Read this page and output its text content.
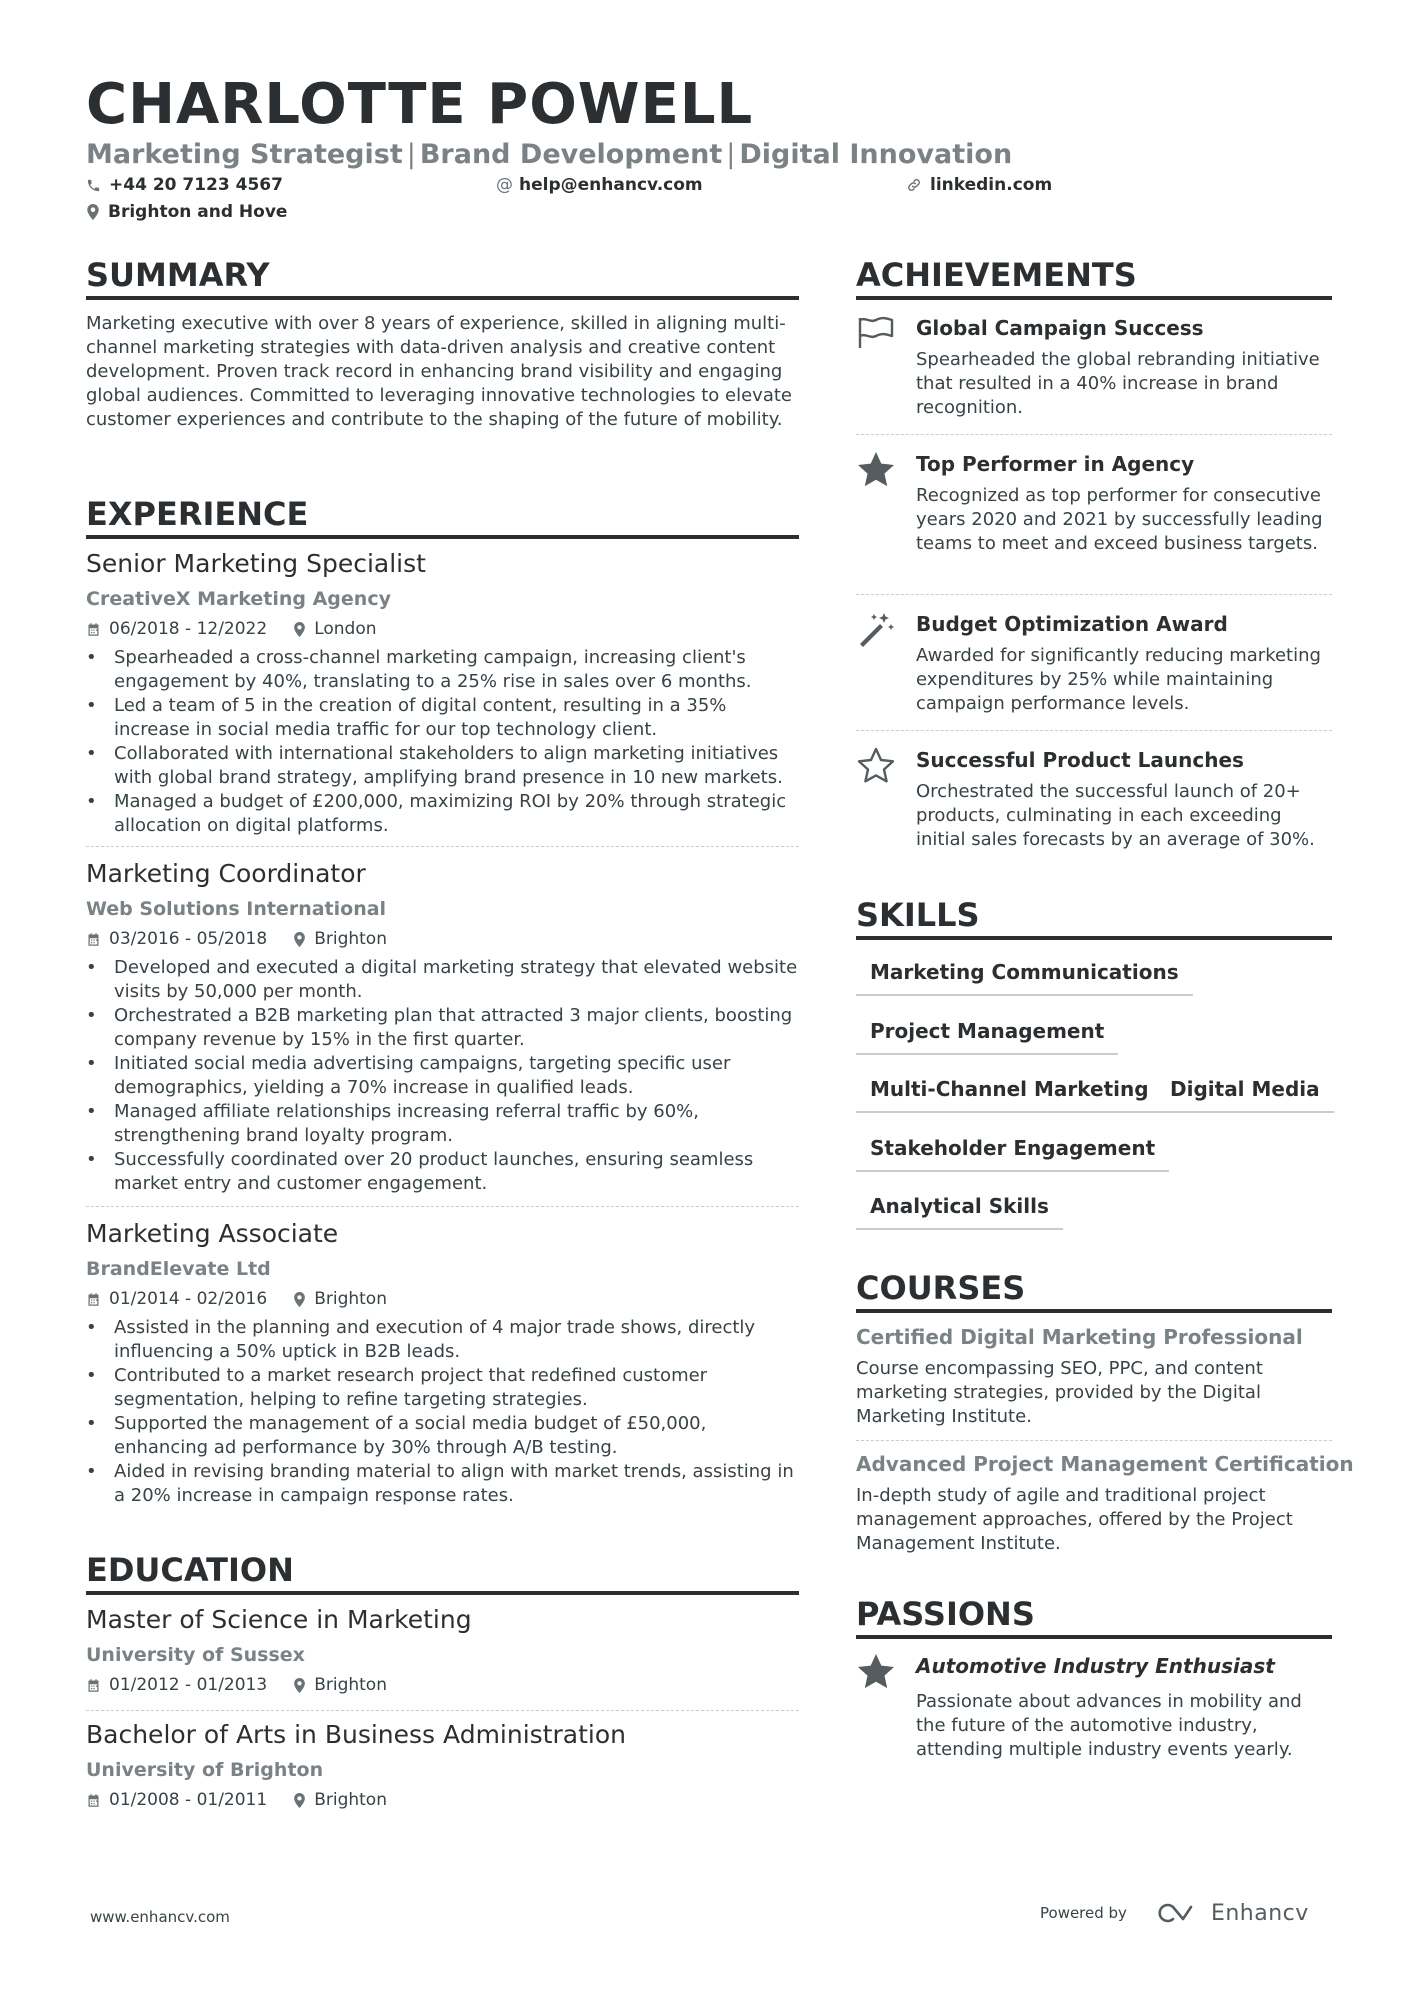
CHARLOTTE POWELL
Marketing Strategist | Brand Development | Digital Innovation
+44 20 7123 4567	@ help@enhancv.com	linkedin.com
Brighton and Hove
SUMMARY
Marketing executive with over 8 years of experience, skilled in aligning multi-channel marketing strategies with data-driven analysis and creative content development. Proven track record in enhancing brand visibility and engaging global audiences. Committed to leveraging innovative technologies to elevate customer experiences and contribute to the shaping of the future of mobility.
EXPERIENCE
Senior Marketing Specialist
CreativeX Marketing Agency
06/2018 - 12/2022	London
• Spearheaded a cross-channel marketing campaign, increasing client's engagement by 40%, translating to a 25% rise in sales over 6 months.
• Led a team of 5 in the creation of digital content, resulting in a 35% increase in social media traffic for our top technology client.
• Collaborated with international stakeholders to align marketing initiatives with global brand strategy, amplifying brand presence in 10 new markets.
• Managed a budget of £200,000, maximizing ROI by 20% through strategic allocation on digital platforms.
Marketing Coordinator
Web Solutions International
03/2016 - 05/2018	Brighton
• Developed and executed a digital marketing strategy that elevated website visits by 50,000 per month.
• Orchestrated a B2B marketing plan that attracted 3 major clients, boosting company revenue by 15% in the first quarter.
• Initiated social media advertising campaigns, targeting specific user demographics, yielding a 70% increase in qualified leads.
• Managed affiliate relationships increasing referral traffic by 60%, strengthening brand loyalty program.
• Successfully coordinated over 20 product launches, ensuring seamless market entry and customer engagement.
Marketing Associate
BrandElevate Ltd
01/2014 - 02/2016	Brighton
• Assisted in the planning and execution of 4 major trade shows, directly influencing a 50% uptick in B2B leads.
• Contributed to a market research project that redefined customer segmentation, helping to refine targeting strategies.
• Supported the management of a social media budget of £50,000, enhancing ad performance by 30% through A/B testing.
• Aided in revising branding material to align with market trends, assisting in a 20% increase in campaign response rates.
EDUCATION
Master of Science in Marketing
University of Sussex
01/2012 - 01/2013	Brighton
Bachelor of Arts in Business Administration
University of Brighton
01/2008 - 01/2011	Brighton
ACHIEVEMENTS
Global Campaign Success
Spearheaded the global rebranding initiative that resulted in a 40% increase in brand recognition.
Top Performer in Agency
Recognized as top performer for consecutive years 2020 and 2021 by successfully leading teams to meet and exceed business targets.
Budget Optimization Award
Awarded for significantly reducing marketing expenditures by 25% while maintaining campaign performance levels.
Successful Product Launches
Orchestrated the successful launch of 20+ products, culminating in each exceeding initial sales forecasts by an average of 30%.
SKILLS
Marketing Communications
Project Management
Multi-Channel Marketing	Digital Media
Stakeholder Engagement
Analytical Skills
COURSES
Certified Digital Marketing Professional
Course encompassing SEO, PPC, and content marketing strategies, provided by the Digital Marketing Institute.
Advanced Project Management Certification
In-depth study of agile and traditional project management approaches, offered by the Project Management Institute.
PASSIONS
Automotive Industry Enthusiast
Passionate about advances in mobility and the future of the automotive industry, attending multiple industry events yearly.
www.enhancv.com	Powered by	Enhancv
